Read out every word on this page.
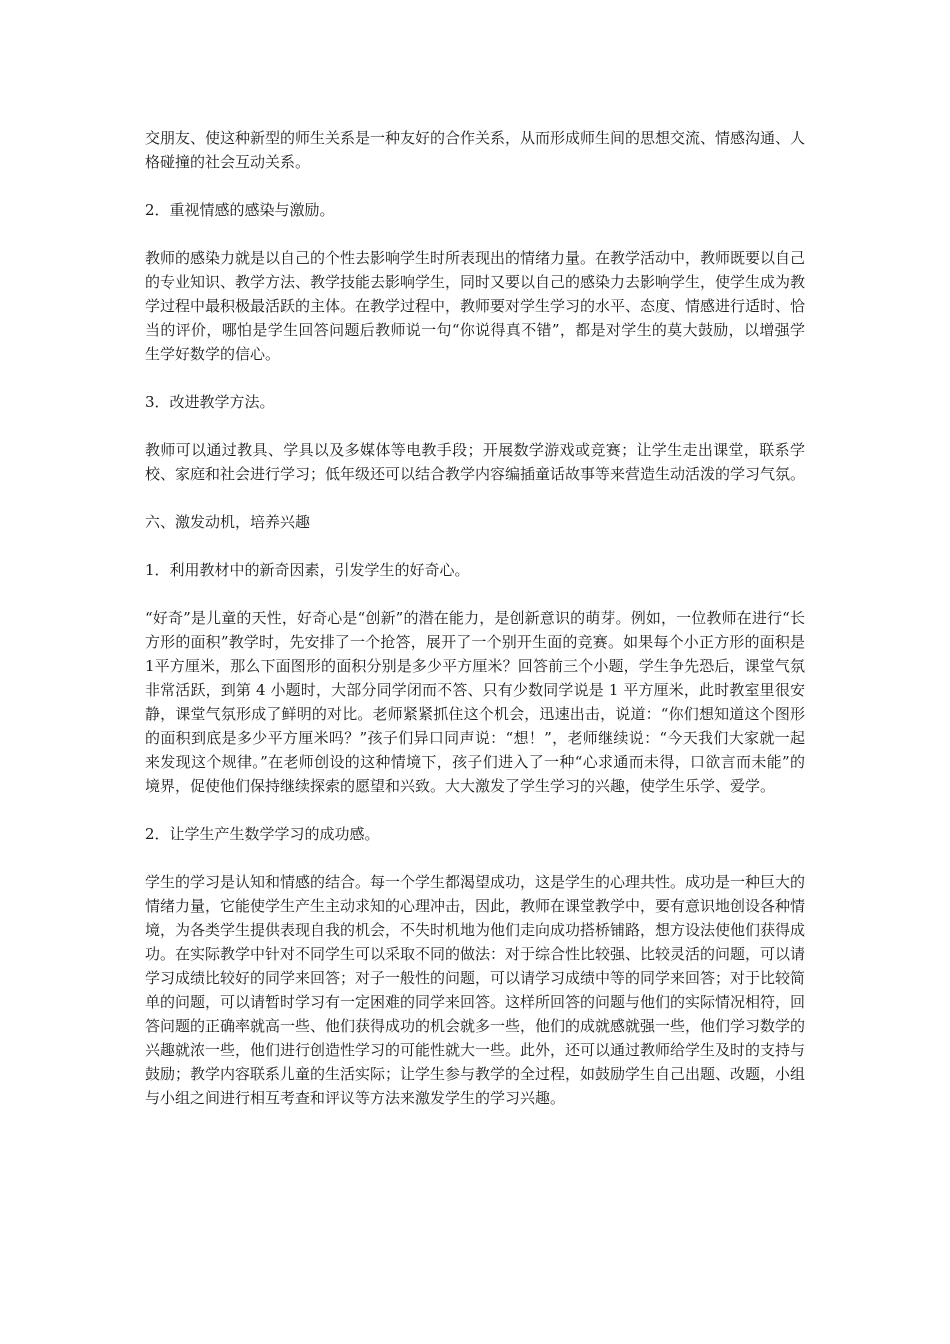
交朋友、使这种新型的师生关系是一种友好的合作关系，从而形成师生间的思想交流、情感沟通、人格碰撞的社会互动关系。

2．重视情感的感染与激励。

教师的感染力就是以自己的个性去影响学生时所表现出的情绪力量。在教学活动中，教师既要以自己的专业知识、教学方法、教学技能去影响学生，同时又要以自己的感染力去影响学生，使学生成为教学过程中最积极最活跃的主体。在教学过程中，教师要对学生学习的水平、态度、情感进行适时、恰当的评价，哪怕是学生回答问题后教师说一句“你说得真不错”，都是对学生的莫大鼓励，以增强学生学好数学的信心。

3．改进教学方法。

教师可以通过教具、学具以及多媒体等电教手段；开展数学游戏或竞赛；让学生走出课堂，联系学校、家庭和社会进行学习；低年级还可以结合教学内容编插童话故事等来营造生动活泼的学习气氛。

六、激发动机，培养兴趣

1．利用教材中的新奇因素，引发学生的好奇心。

“好奇”是儿童的天性，好奇心是“创新”的潜在能力，是创新意识的萌芽。例如，一位教师在进行“长方形的面积”教学时，先安排了一个抢答，展开了一个别开生面的竞赛。如果每个小正方形的面积是1平方厘米，那么下面图形的面积分别是多少平方厘米？回答前三个小题，学生争先恐后，课堂气氛非常活跃，到第 4 小题时，大部分同学闭而不答、只有少数同学说是 1 平方厘米，此时教室里很安静，课堂气氛形成了鲜明的对比。老师紧紧抓住这个机会，迅速出击，说道：“你们想知道这个图形的面积到底是多少平方厘米吗？”孩子们异口同声说：“想！”，老师继续说：“今天我们大家就一起来发现这个规律。”在老师创设的这种情境下，孩子们进入了一种“心求通而未得，口欲言而未能”的境界，促使他们保持继续探索的愿望和兴致。大大激发了学生学习的兴趣，使学生乐学、爱学。

2．让学生产生数学学习的成功感。

学生的学习是认知和情感的结合。每一个学生都渴望成功，这是学生的心理共性。成功是一种巨大的情绪力量，它能使学生产生主动求知的心理冲击，因此，教师在课堂教学中，要有意识地创设各种情境，为各类学生提供表现自我的机会，不失时机地为他们走向成功搭桥铺路，想方设法使他们获得成功。在实际教学中针对不同学生可以采取不同的做法：对于综合性比较强、比较灵活的问题，可以请学习成绩比较好的同学来回答；对子一般性的问题，可以请学习成绩中等的同学来回答；对于比较简单的问题，可以请暂时学习有一定困难的同学来回答。这样所回答的问题与他们的实际情况相符，回答问题的正确率就高一些、他们获得成功的机会就多一些，他们的成就感就强一些，他们学习数学的兴趣就浓一些，他们进行创造性学习的可能性就大一些。此外，还可以通过教师给学生及时的支持与鼓励；教学内容联系儿童的生活实际；让学生参与教学的全过程，如鼓励学生自己出题、改题，小组与小组之间进行相互考查和评议等方法来激发学生的学习兴趣。
